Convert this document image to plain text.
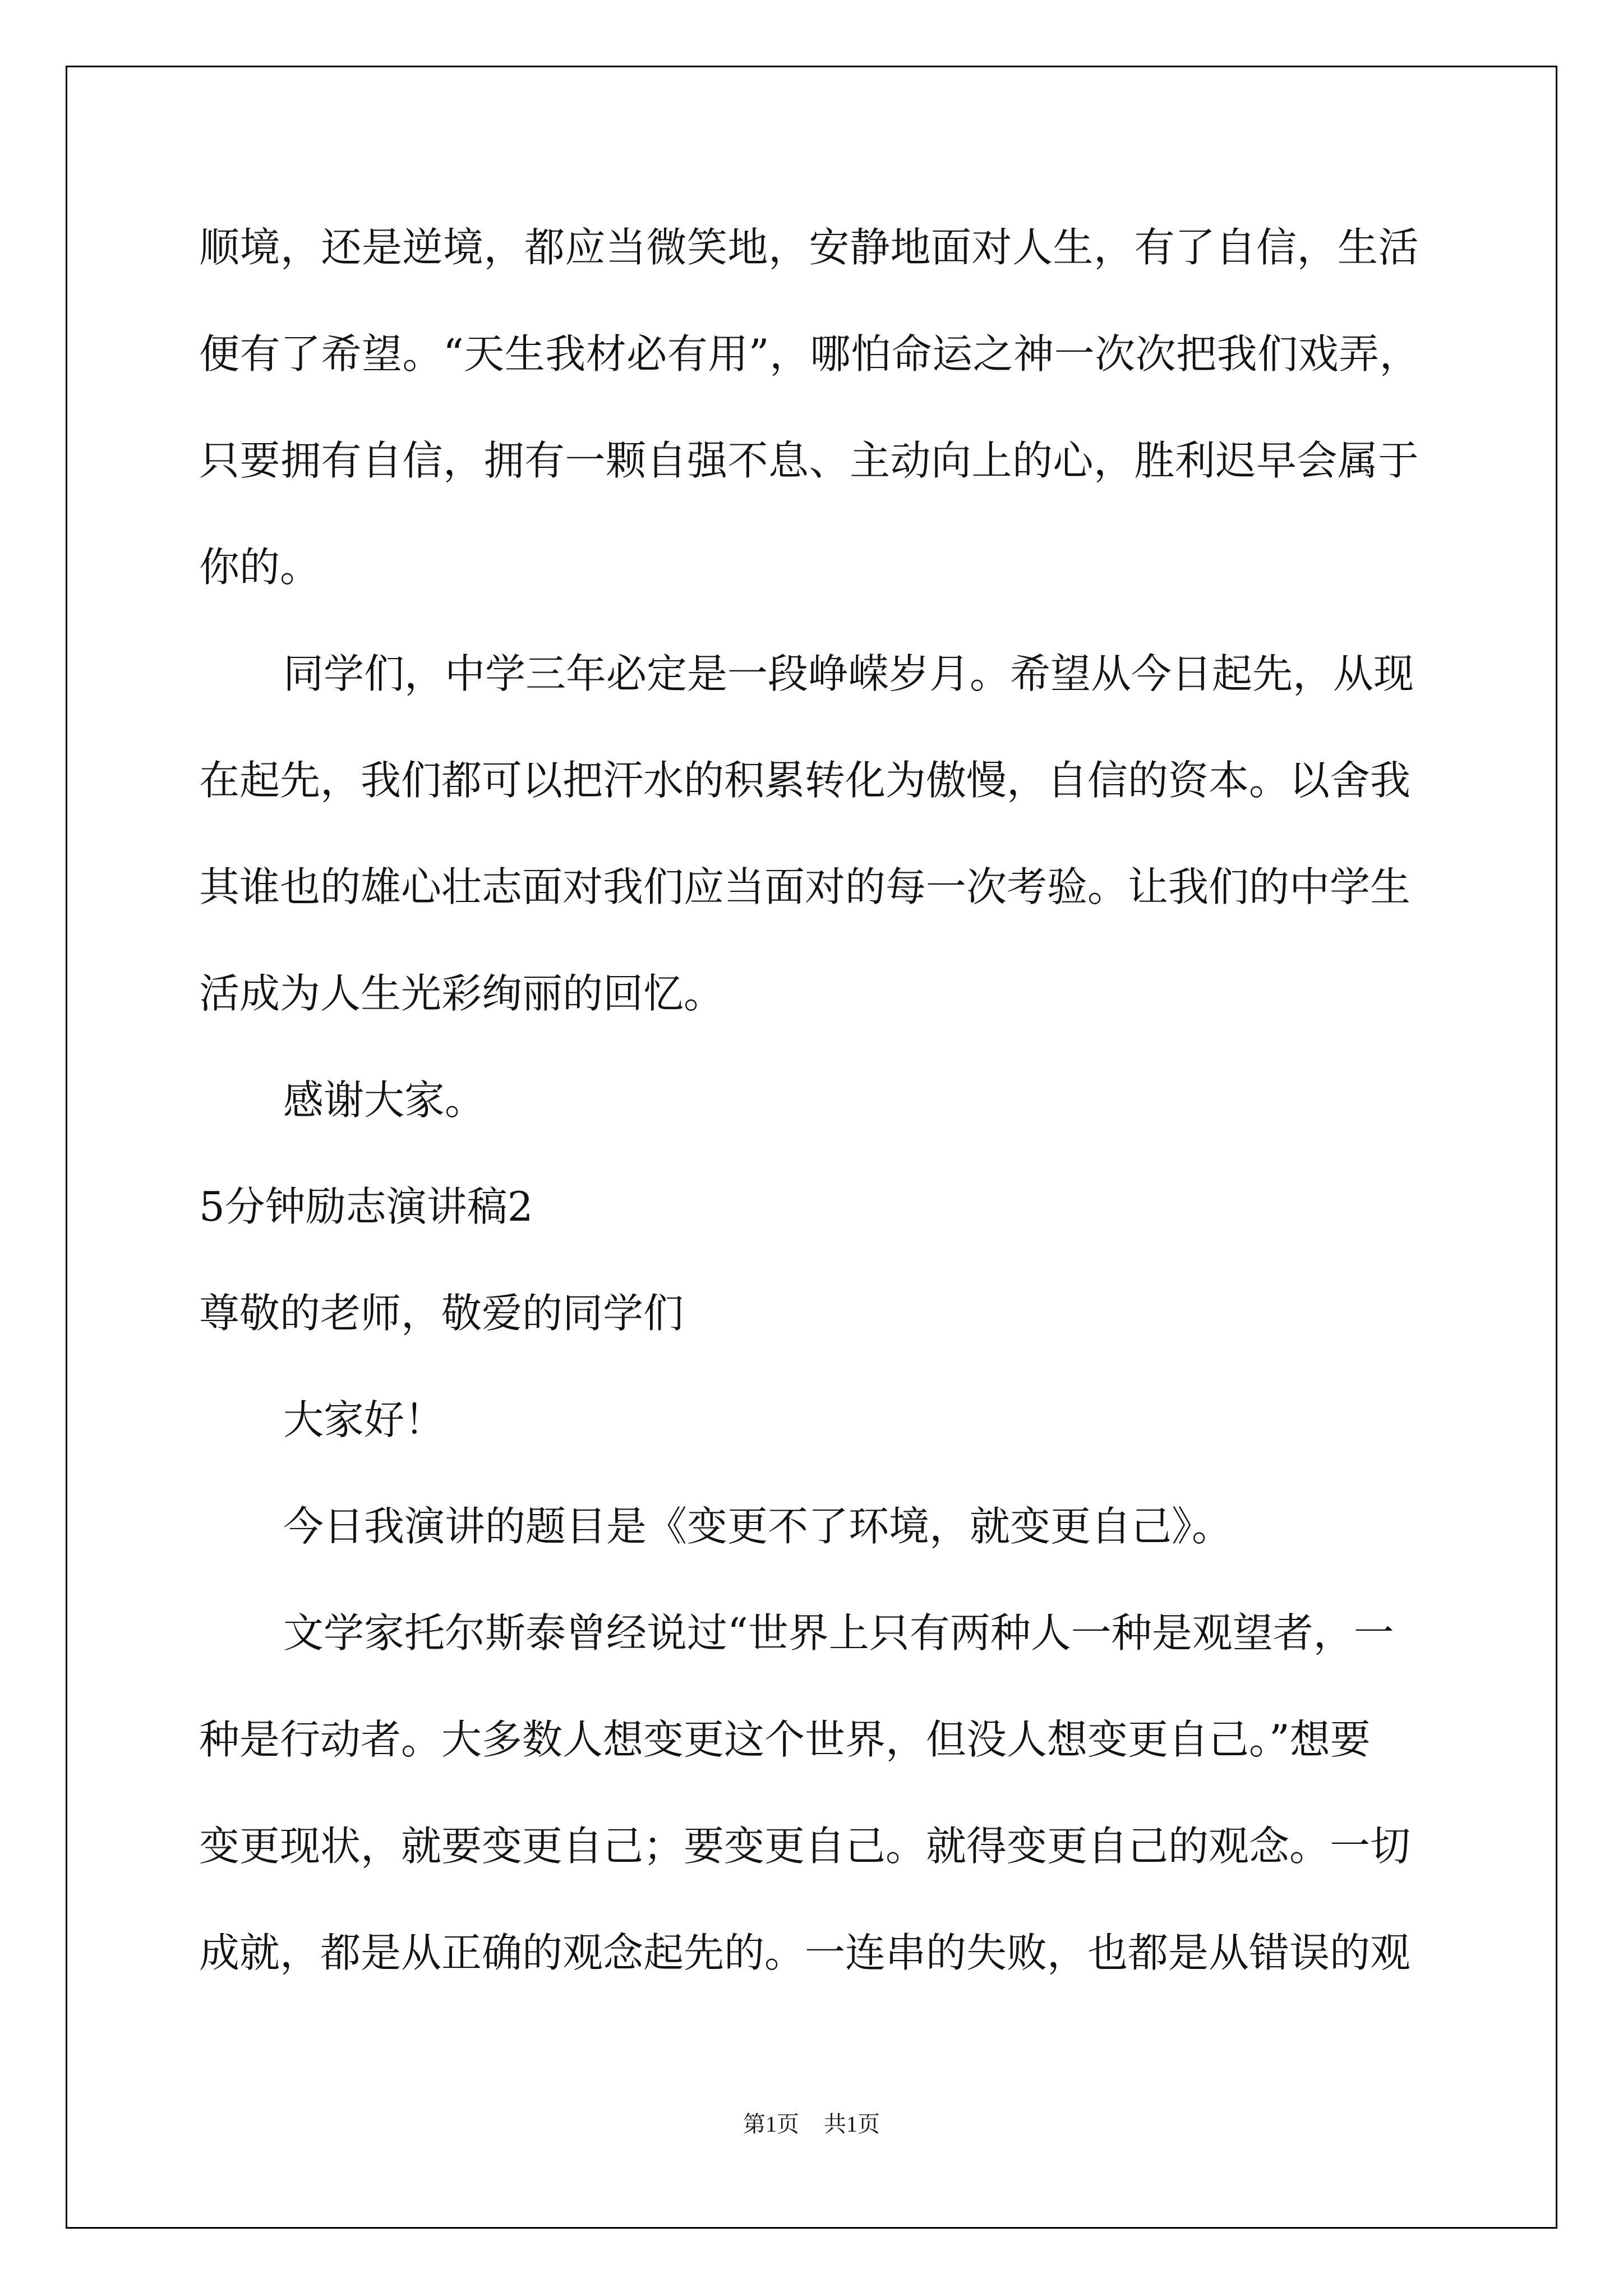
顺境，还是逆境，都应当微笑地，安静地面对人生，有了自信，生活
便有了希望。“天生我材必有用”，哪怕命运之神一次次把我们戏弄，
只要拥有自信，拥有一颗自强不息、主动向上的心，胜利迟早会属于
你的。
同学们，中学三年必定是一段峥嵘岁月。希望从今日起先，从现
在起先，我们都可以把汗水的积累转化为傲慢，自信的资本。以舍我
其谁也的雄心壮志面对我们应当面对的每一次考验。让我们的中学生
活成为人生光彩绚丽的回忆。
感谢大家。
5分钟励志演讲稿2
尊敬的老师，敬爱的同学们
大家好！
今日我演讲的题目是《变更不了环境，就变更自己》。
文学家托尔斯泰曾经说过“世界上只有两种人一种是观望者，一
种是行动者。大多数人想变更这个世界，但没人想变更自己。”想要
变更现状，就要变更自己；要变更自己。就得变更自己的观念。一切
成就，都是从正确的观念起先的。一连串的失败，也都是从错误的观
第1页 共1页
